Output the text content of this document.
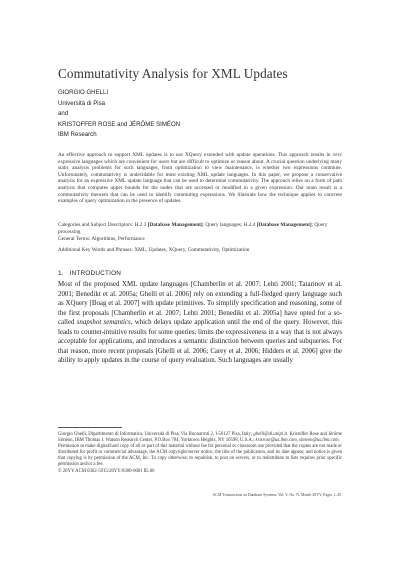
Commutativity Analysis for XML Updates
GIORGIO GHELLI
Università di Pisa
and
KRISTOFFER ROSE and JÉRÔME SIMÉON
IBM Research

An effective approach to support XML updates is to use XQuery extended with update operations. This approach results in very expressive languages which are convenient for users but are difficult to optimize or reason about. A crucial question underlying many static analysis problems for such languages, from optimization to view maintenance, is whether two expressions commute. Unfortunately, commutativity is undecidable for most existing XML update languages. In this paper, we propose a conservative analysis for an expressive XML update language that can be used to determine commutativity. The approach relies on a form of path analysis that computes upper bounds for the nodes that are accessed or modified in a given expression. Our main result is a commutativity theorem that can be used to identify commuting expressions. We illustrate how the technique applies to concrete examples of query optimization in the presence of updates.

Categories and Subject Descriptors: H.2.3 [Database Management]: Query languages; H.2.4 [Database Management]: Query processing

General Terms: Algorithms, Performance
Additional Key Words and Phrases: XML, Updates, XQuery, Commutativity, Optimization
1. INTRODUCTION

Most of the proposed XML update languages [Chamberlin et al. 2007; Lehti 2001; Tatarinov et al. 2001; Benedikt et al. 2005a; Ghelli et al. 2006] rely on extending a full-fledged query language such as XQuery [Boag et al. 2007] with update primitives. To simplify specification and reasoning, some of the first proposals [Chamberlin et al. 2007; Lehti 2001; Benedikt et al. 2005a] have opted for a so-called snapshot semantics, which delays update application until the end of the query. However, this leads to counter-intuitive results for some queries, limits the expressiveness in a way that is not always acceptable for applications, and introduces a semantic distinction between queries and subqueries. For that reason, more recent proposals [Ghelli et al. 2006; Carey et al. 2006; Hidders et al. 2006] give the ability to apply updates in the course of query evaluation. Such languages are usually

Giorgio Ghelli, Dipartimento di Informatica, Università di Pisa, Via Buonarroti 2, I-56127 Pisa, Italy; ghelli@di.unipi.it. Kristoffer Rose and Jérôme Siméon, IBM Thomas J. Watson Research Center, P.O.Box 704, Yorktown Heights, NY 10598, U.S.A.; krisrose@us.ibm.com, simeon@us.ibm.com.

Permission to make digital/hard copy of all or part of this material without fee for personal or classroom use provided that the copies are not made or distributed for profit or commercial advantage, the ACM copyright/server notice, the title of the publication, and its date appear, and notice is given that copying is by permission of the ACM, Inc. To copy otherwise, to republish, to post on servers, or to redistribute to lists requires prior specific permission and/or a fee.

© 20YY ACM 0362-5915/20YY/0300-0001 $5.00

ACM Transactions on Database Systems, Vol. V, No. N, Month 20YY, Pages 1–45.
